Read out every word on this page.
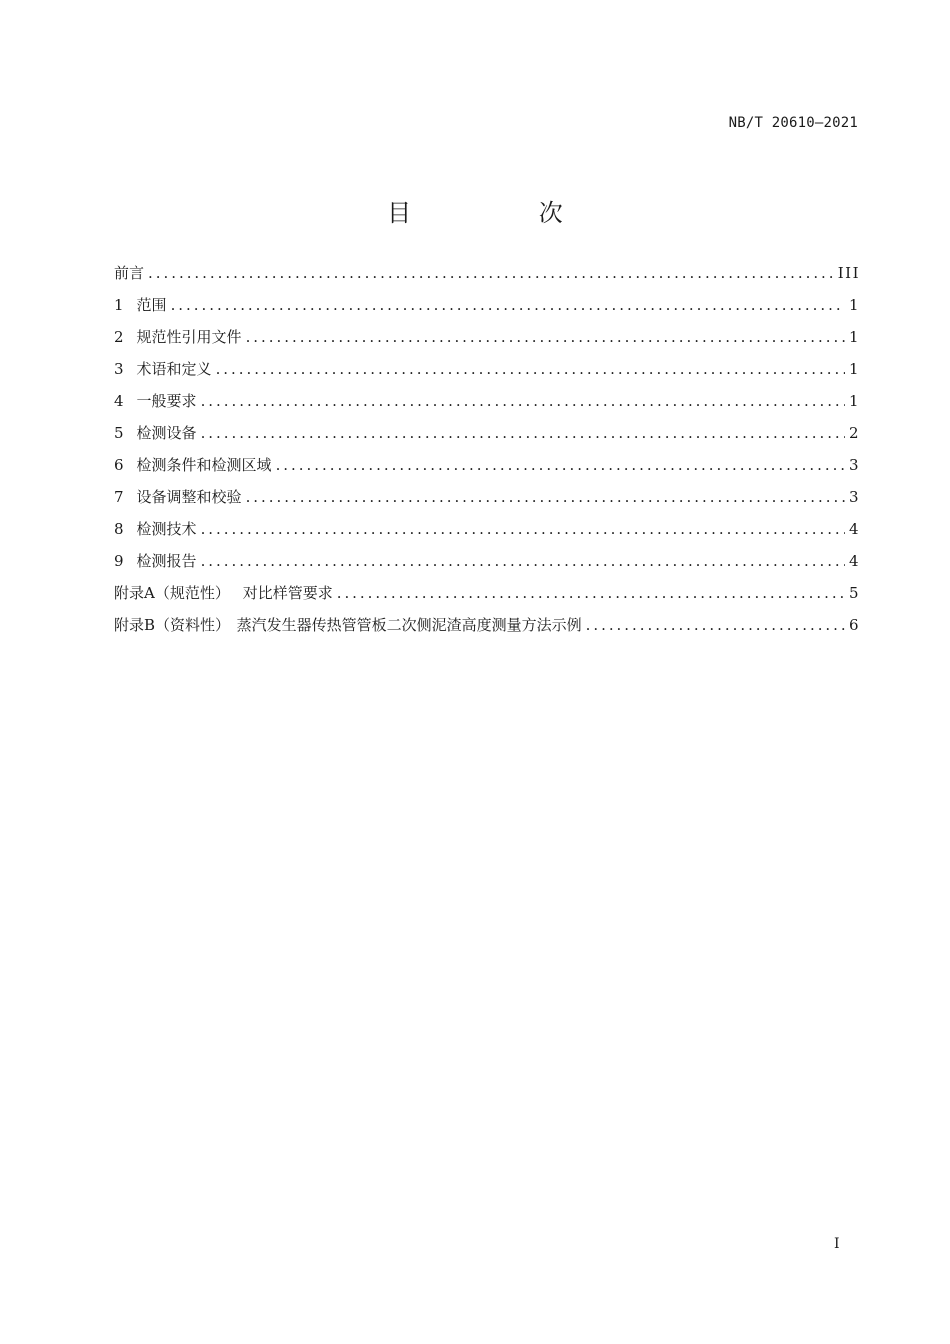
NB/T 20610—2021
目 次
前言 . . .	III
1 范围 . . .	1
2 规范性引用文件 . . .	1
3 术语和定义 . . .	1
4 一般要求 . . .	1
5 检测设备 . . .	2
6 检测条件和检测区域 . . .	3
7 设备调整和校验 . . .	3
8 检测技术 . . .	4
9 检测报告 . . .	4
附录A（规范性） 对比样管要求 . . .	5
附录B（资料性） 蒸汽发生器传热管管板二次侧泥渣高度测量方法示例 . . .	6
I
